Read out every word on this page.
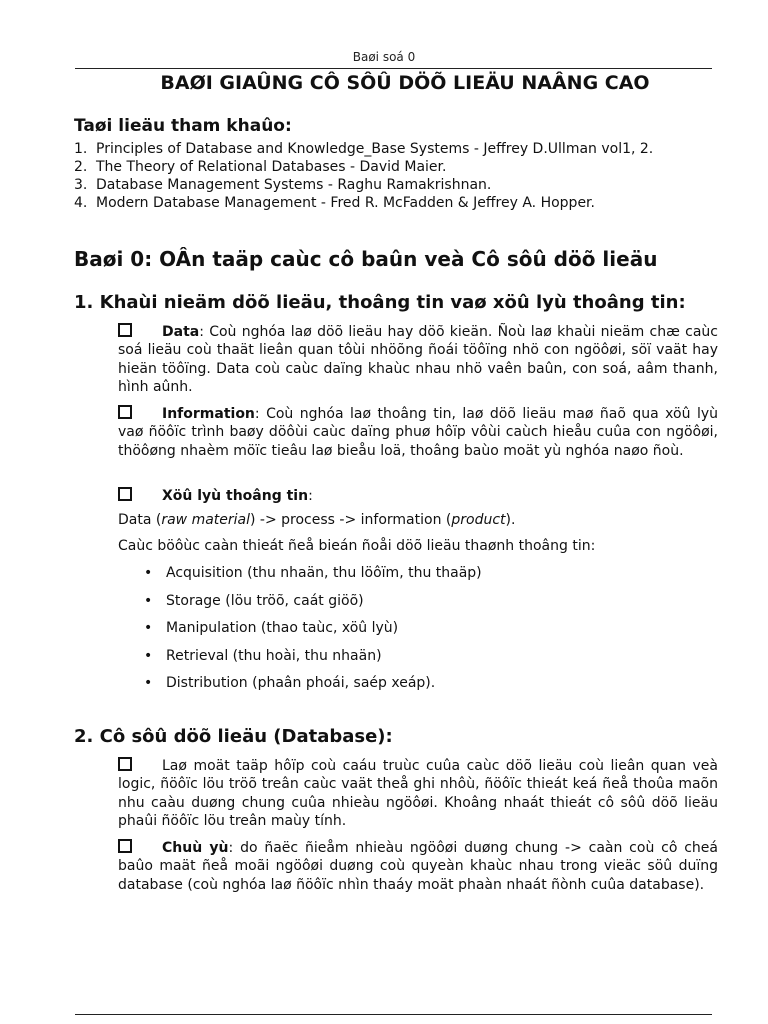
Baøi soá 0
BAØI GIAÛNG CÔ SÔÛ DÖÕ LIEÄU NAÂNG CAO
Taøi lieäu tham khaûo:
1. Principles of Database and Knowledge_Base Systems - Jeffrey D.Ullman vol1, 2.
2. The Theory of Relational Databases - David Maier.
3. Database Management Systems - Raghu Ramakrishnan.
4. Modern Database Management - Fred R. McFadden & Jeffrey A. Hopper.
Baøi 0: OÂn taäp caùc cô baûn veà Cô sôû döõ lieäu
1. Khaùi nieäm döõ lieäu, thoâng tin vaø xöû lyù thoâng tin:
Data: Coù nghóa laø döõ lieäu hay döõ kieän. Ñoù laø khaùi nieäm chæ caùc soá lieäu coù thaät lieân quan tôùi nhöõng ñoái töôïng nhö con ngöôøi, söï vaät hay hieän töôïng. Data coù caùc daïng khaùc nhau nhö vaên baûn, con soá, aâm thanh, hình aûnh.
Information: Coù nghóa laø thoâng tin, laø döõ lieäu maø ñaõ qua xöû lyù vaø ñöôïc trình baøy döôùi caùc daïng phuø hôïp vôùi caùch hieåu cuûa con ngöôøi, thöôøng nhaèm möïc tieâu laø bieåu loä, thoâng baùo moät yù nghóa naøo ñoù.
Xöû lyù thoâng tin:
Data (raw material) -> process -> information (product).
Caùc böôùc caàn thieát ñeå bieán ñoåi döõ lieäu thaønh thoâng tin:
• Acquisition (thu nhaän, thu löôïm, thu thaäp)
• Storage (löu tröõ, caát giöõ)
• Manipulation (thao taùc, xöû lyù)
• Retrieval (thu hoài, thu nhaän)
• Distribution (phaân phoái, saép xeáp).
2. Cô sôû döõ lieäu (Database):
Laø moät taäp hôïp coù caáu truùc cuûa caùc döõ lieäu coù lieân quan veà logic, ñöôïc löu tröõ treân caùc vaät theå ghi nhôù, ñöôïc thieát keá ñeå thoûa maõn nhu caàu duøng chung cuûa nhieàu ngöôøi. Khoâng nhaát thieát cô sôû döõ lieäu phaûi ñöôïc löu treân maùy tính.
Chuù yù: do ñaëc ñieåm nhieàu ngöôøi duøng chung -> caàn coù cô cheá baûo maät ñeå moãi ngöôøi duøng coù quyeàn khaùc nhau trong vieäc söû duïng database (coù nghóa laø ñöôïc nhìn thaáy moät phaàn nhaát ñònh cuûa database).
